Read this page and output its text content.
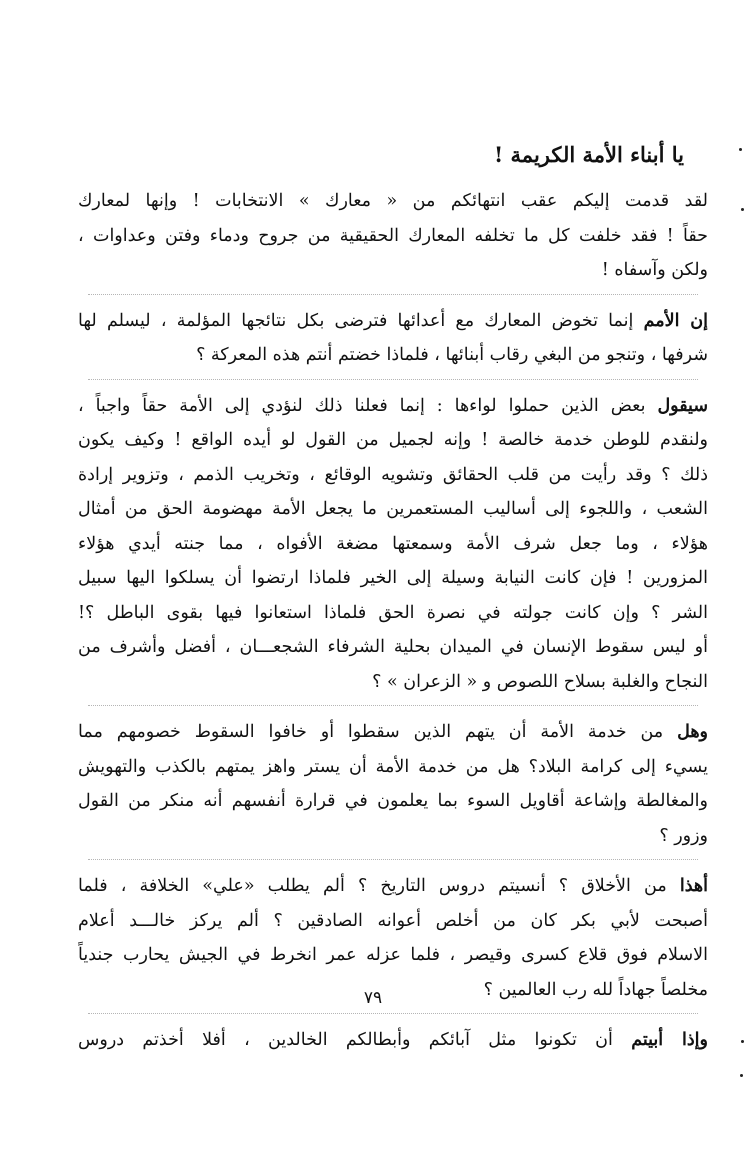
يا أبناء الأمة الكريمة !
لقد قدمت إليكم عقب انتهائكم من « معارك » الانتخابات ! وإنها لمعارك
حقاً ! فقد خلفت كل ما تخلفه المعارك الحقيقية من جروح ودماء وفتن وعداوات ،
ولكن وآسفاه !
إن الأمم إنما تخوض المعارك مع أعدائها فترضى بكل نتائجها المؤلمة ، ليسلم لها
شرفها ، وتنجو من البغي رقاب أبنائها ، فلماذا خضتم أنتم هذه المعركة ؟
سيقول بعض الذين حملوا لواءها : إنما فعلنا ذلك لنؤدي إلى الأمة حقاً واجباً ،
ولنقدم للوطن خدمة خالصة ! وإنه لجميل من القول لو أيده الواقع ! وكيف يكون
ذلك ؟ وقد رأيت من قلب الحقائق وتشويه الوقائع ، وتخريب الذمم ، وتزوير إرادة
الشعب ، واللجوء إلى أساليب المستعمرين ما يجعل الأمة مهضومة الحق من أمثال
هؤلاء ، وما جعل شرف الأمة وسمعتها مضغة الأفواه ، مما جنته أيدي هؤلاء
المزورين ! فإن كانت النيابة وسيلة إلى الخير فلماذا ارتضوا أن يسلكوا اليها سبيل
الشر ؟ وإن كانت جولته في نصرة الحق فلماذا استعانوا فيها بقوى الباطل ؟!
أو ليس سقوط الإنسان في الميدان بحلية الشرفاء الشجعـــان ، أفضل وأشرف من
النجاح والغلبة بسلاح اللصوص و « الزعران » ؟
وهل من خدمة الأمة أن يتهم الذين سقطوا أو خافوا السقوط خصومهم مما
يسيء إلى كرامة البلاد؟ هل من خدمة الأمة أن يستر واهز يمتهم بالكذب والتهويش
والمغالطة وإشاعة أقاويل السوء بما يعلمون في قرارة أنفسهم أنه منكر من القول
وزور ؟
أهذا من الأخلاق ؟ أنسيتم دروس التاريخ ؟ ألم يطلب «علي» الخلافة ، فلما
أصبحت لأبي بكر كان من أخلص أعوانه الصادقين ؟ ألم يركز خالـــد أعلام
الاسلام فوق قلاع كسرى وقيصر ، فلما عزله عمر انخرط في الجيش يحارب جندياً
مخلصاً جهاداً لله رب العالمين ؟
وإذا أبيتم أن تكونوا مثل آبائكم وأبطالكم الخالدين ، أفلا أخذتم دروس
٧٩
